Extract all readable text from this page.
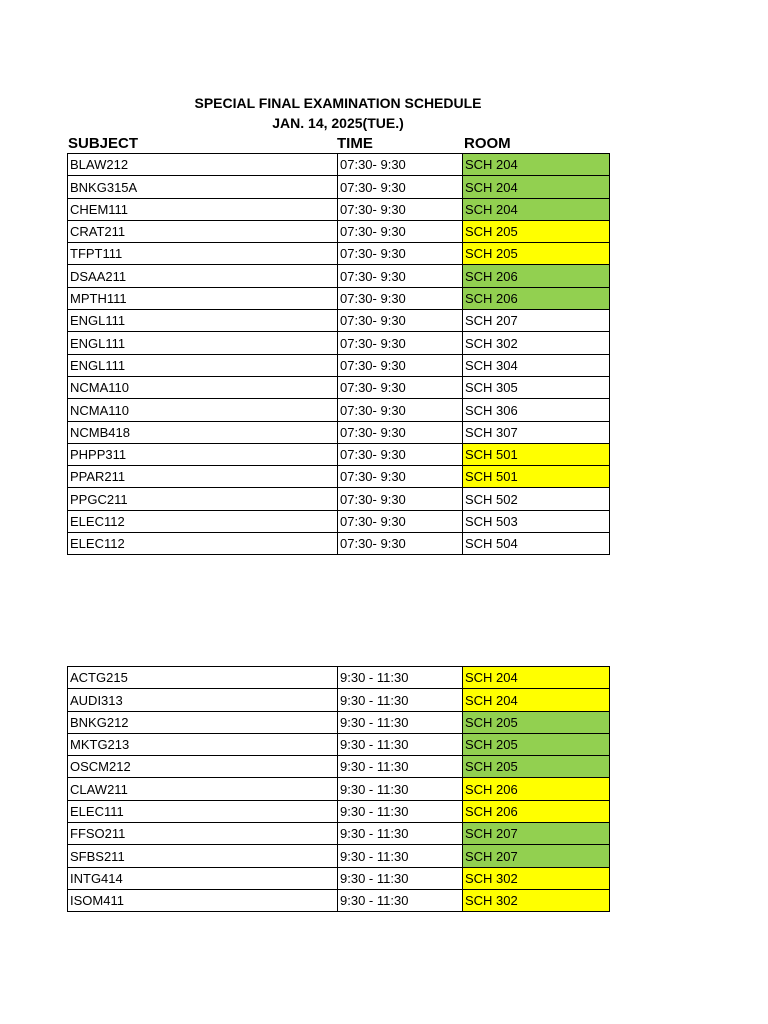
SPECIAL FINAL EXAMINATION SCHEDULE
JAN. 14, 2025(TUE.)
SUBJECT	TIME	ROOM
BLAW212	07:30- 9:30	SCH 204
BNKG315A	07:30- 9:30	SCH 204
CHEM111	07:30- 9:30	SCH 204
CRAT211	07:30- 9:30	SCH 205
TFPT111	07:30- 9:30	SCH 205
DSAA211	07:30- 9:30	SCH 206
MPTH111	07:30- 9:30	SCH 206
ENGL111	07:30- 9:30	SCH 207
ENGL111	07:30- 9:30	SCH 302
ENGL111	07:30- 9:30	SCH 304
NCMA110	07:30- 9:30	SCH 305
NCMA110	07:30- 9:30	SCH 306
NCMB418	07:30- 9:30	SCH 307
PHPP311	07:30- 9:30	SCH 501
PPAR211	07:30- 9:30	SCH 501
PPGC211	07:30- 9:30	SCH 502
ELEC112	07:30- 9:30	SCH 503
ELEC112	07:30- 9:30	SCH 504
ACTG215	9:30 - 11:30	SCH 204
AUDI313	9:30 - 11:30	SCH 204
BNKG212	9:30 - 11:30	SCH 205
MKTG213	9:30 - 11:30	SCH 205
OSCM212	9:30 - 11:30	SCH 205
CLAW211	9:30 - 11:30	SCH 206
ELEC111	9:30 - 11:30	SCH 206
FFSO211	9:30 - 11:30	SCH 207
SFBS211	9:30 - 11:30	SCH 207
INTG414	9:30 - 11:30	SCH 302
ISOM411	9:30 - 11:30	SCH 302
